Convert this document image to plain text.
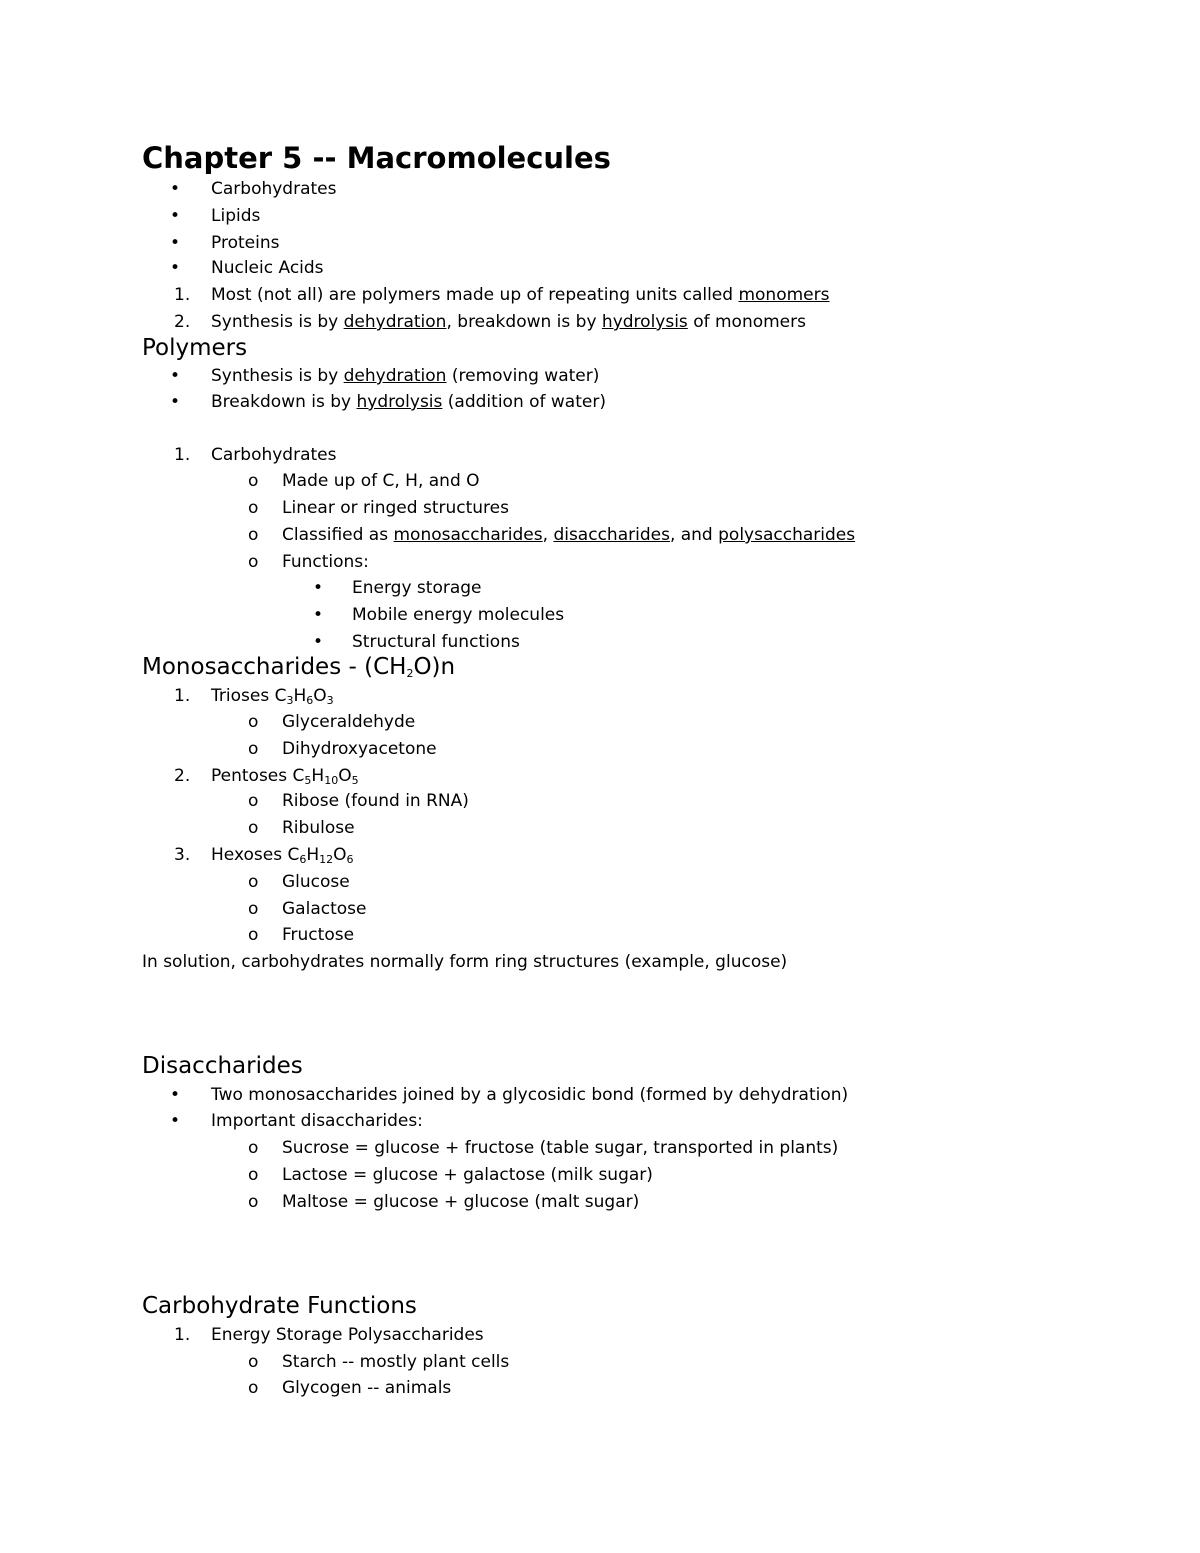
Chapter 5 -- Macromolecules
• Carbohydrates
• Lipids
• Proteins
• Nucleic Acids
1. Most (not all) are polymers made up of repeating units called monomers
2. Synthesis is by dehydration, breakdown is by hydrolysis of monomers
Polymers
• Synthesis is by dehydration (removing water)
• Breakdown is by hydrolysis (addition of water)
1. Carbohydrates
o Made up of C, H, and O
o Linear or ringed structures
o Classified as monosaccharides, disaccharides, and polysaccharides
o Functions:
• Energy storage
• Mobile energy molecules
• Structural functions
Monosaccharides - $(CH_2O)n$
1. Trioses $C_3H_6O_3$
o Glyceraldehyde
o Dihydroxyacetone
2. Pentoses $C_5H_{10}O_5$
o Ribose (found in RNA)
o Ribulose
3. Hexoses $C_6H_{12}O_6$
o Glucose
o Galactose
o Fructose
In solution, carbohydrates normally form ring structures (example, glucose)
Disaccharides
• Two monosaccharides joined by a glycosidic bond (formed by dehydration)
• Important disaccharides:
o Sucrose = glucose + fructose (table sugar, transported in plants)
o Lactose = glucose + galactose (milk sugar)
o Maltose = glucose + glucose (malt sugar)
Carbohydrate Functions
1. Energy Storage Polysaccharides
o Starch -- mostly plant cells
o Glycogen -- animals
